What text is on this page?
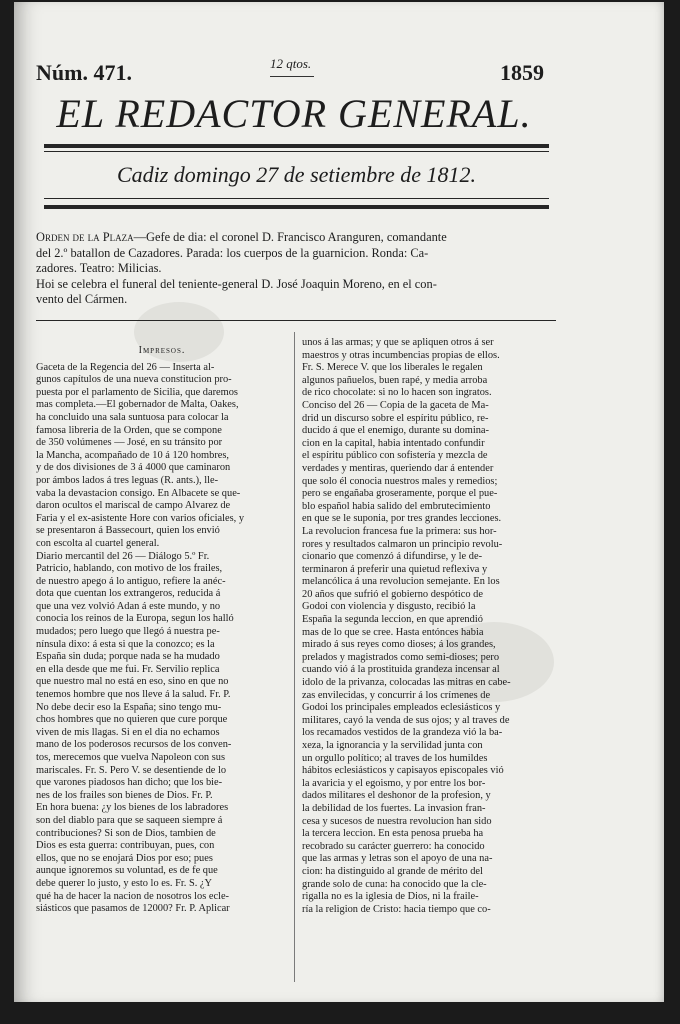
Núm. 471.	12 qtos.	1859
EL REDACTOR GENERAL.
Cadiz domingo 27 de setiembre de 1812.

Orden de la Plaza—Gefe de dia: el coronel D. Francisco Aranguren, comandante
del 2.º batallon de Cazadores. Parada: los cuerpos de la guarnicion. Ronda: Ca-
zadores. Teatro: Milicias.
Hoi se celebra el funeral del teniente-general D. José Joaquin Moreno, en el con-
vento del Cármen.

Impresos.
Gaceta de la Regencia del 26 — Inserta al-
gunos capítulos de una nueva constitucion pro-
puesta por el parlamento de Sicilia, que daremos
mas completa.—El gobernador de Malta, Oakes,
ha concluido una sala suntuosa para colocar la
famosa libreria de la Orden, que se compone
de 350 volúmenes — José, en su tránsito por
la Mancha, acompañado de 10 á 120 hombres,
y de dos divisiones de 3 á 4000 que caminaron
por ámbos lados á tres leguas (R. ants.), lle-
vaba la devastacion consigo. En Albacete se que-
daron ocultos el mariscal de campo Alvarez de
Faria y el ex-asistente Hore con varios oficiales, y
se presentaron á Bassecourt, quien los envió
con escolta al cuartel general.
Diario mercantil del 26 — Diálogo 5.º Fr.
Patricio, hablando, con motivo de los frailes,
de nuestro apego á lo antiguo, refiere la anéc-
dota que cuentan los extrangeros, reducida á
que una vez volvió Adan á este mundo, y no
conocia los reinos de la Europa, segun los halló
mudados; pero luego que llegó á nuestra pe-
nínsula dixo: á esta si que la conozco; es la
España sin duda; porque nada se ha mudado
en ella desde que me fui. Fr. Servilio replica
que nuestro mal no está en eso, sino en que no
tenemos hombre que nos lleve á la salud. Fr. P.
No debe decir eso la España; sino tengo mu-
chos hombres que no quieren que cure porque
viven de mis llagas. Si en el dia no echamos
mano de los poderosos recursos de los conven-
tos, merecemos que vuelva Napoleon con sus
mariscales. Fr. S. Pero V. se desentiende de lo
que varones piadosos han dicho; que los bie-
nes de los frailes son bienes de Dios. Fr. P.
En hora buena: ¿y los bienes de los labradores
son del diablo para que se saqueen siempre á
contribuciones? Si son de Dios, tambien de
Dios es esta guerra: contribuyan, pues, con
ellos, que no se enojará Dios por eso; pues
aunque ignoremos su voluntad, es de fe que
debe querer lo justo, y esto lo es. Fr. S. ¿Y
qué ha de hacer la nacion de nosotros los ecle-
siásticos que pasamos de 12000? Fr. P. Aplicar
unos á las armas; y que se apliquen otros á ser
maestros y otras incumbencias propias de ellos.
Fr. S. Merece V. que los liberales le regalen
algunos pañuelos, buen rapé, y media arroba
de rico chocolate: si no lo hacen son ingratos.
Conciso del 26 — Copia de la gaceta de Ma-
drid un discurso sobre el espíritu público, re-
ducido á que el enemigo, durante su domina-
cion en la capital, habia intentado confundir
el espíritu público con sofistería y mezcla de
verdades y mentiras, queriendo dar á entender
que solo él conocia nuestros males y remedios;
pero se engañaba groseramente, porque el pue-
blo español habia salido del embrutecimiento
en que se le suponia, por tres grandes lecciones.
La revolucion francesa fue la primera: sus hor-
rores y resultados calmaron un principio revolu-
cionario que comenzó á difundirse, y le de-
terminaron á preferir una quietud reflexiva y
melancólica á una revolucion semejante. En los
20 años que sufrió el gobierno despótico de
Godoi con violencia y disgusto, recibió la
España la segunda leccion, en que aprendió
mas de lo que se cree. Hasta entónces habia
mirado á sus reyes como dioses; á los grandes,
prelados y magistrados como semi-dioses; pero
cuando vió á la prostituida grandeza incensar al
idolo de la privanza, colocadas las mitras en cabe-
zas envilecidas, y concurrir á los crímenes de
Godoi los principales empleados eclesiásticos y
militares, cayó la venda de sus ojos; y al traves de
los recamados vestidos de la grandeza vió la ba-
xeza, la ignorancia y la servilidad junta con
un orgullo político; al traves de los humildes
hábitos eclesiásticos y capisayos episcopales vió
la avaricia y el egoismo, y por entre los bor-
dados militares el deshonor de la profesion, y
la debilidad de los fuertes. La invasion fran-
cesa y sucesos de nuestra revolucion han sido
la tercera leccion. En esta penosa prueba ha
recobrado su carácter guerrero: ha conocido
que las armas y letras son el apoyo de una na-
cion: ha distinguido al grande de mérito del
grande solo de cuna: ha conocido que la cle-
rigalla no es la iglesia de Dios, ni la fraile-
ría la religion de Cristo: hacia tiempo que co-
